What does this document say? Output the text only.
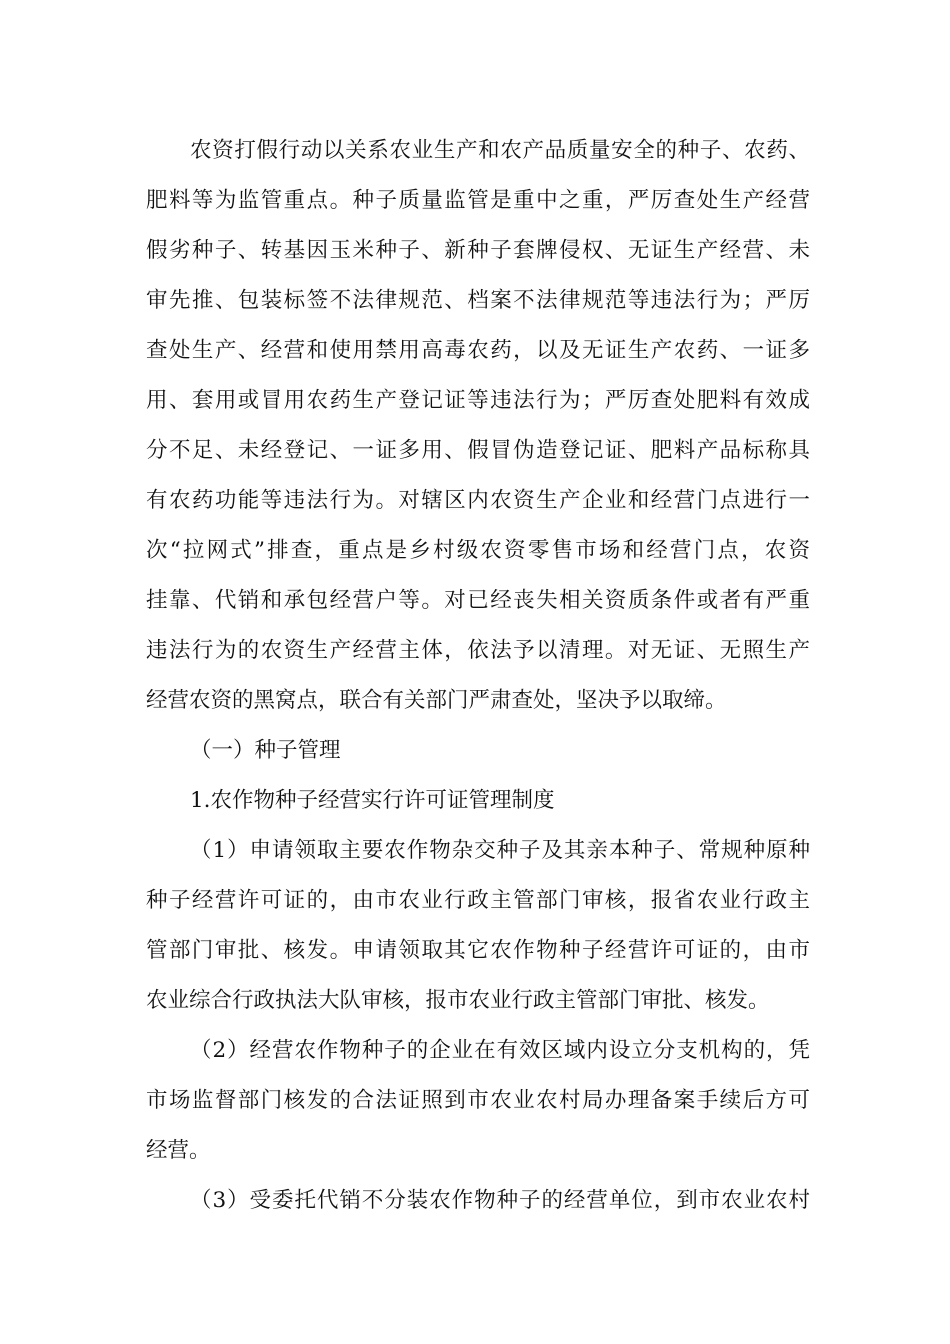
农资打假行动以关系农业生产和农产品质量安全的种子、农药、
肥料等为监管重点。种子质量监管是重中之重，严厉查处生产经营
假劣种子、转基因玉米种子、新种子套牌侵权、无证生产经营、未
审先推、包装标签不法律规范、档案不法律规范等违法行为；严厉
查处生产、经营和使用禁用高毒农药，以及无证生产农药、一证多
用、套用或冒用农药生产登记证等违法行为；严厉查处肥料有效成
分不足、未经登记、一证多用、假冒伪造登记证、肥料产品标称具
有农药功能等违法行为。对辖区内农资生产企业和经营门点进行一
次“拉网式”排查，重点是乡村级农资零售市场和经营门点，农资
挂靠、代销和承包经营户等。对已经丧失相关资质条件或者有严重
违法行为的农资生产经营主体，依法予以清理。对无证、无照生产
经营农资的黑窝点，联合有关部门严肃查处，坚决予以取缔。
（一）种子管理
1.农作物种子经营实行许可证管理制度
（1）申请领取主要农作物杂交种子及其亲本种子、常规种原种
种子经营许可证的，由市农业行政主管部门审核，报省农业行政主
管部门审批、核发。申请领取其它农作物种子经营许可证的，由市
农业综合行政执法大队审核，报市农业行政主管部门审批、核发。
（2）经营农作物种子的企业在有效区域内设立分支机构的，凭
市场监督部门核发的合法证照到市农业农村局办理备案手续后方可
经营。
（3）受委托代销不分装农作物种子的经营单位，到市农业农村
